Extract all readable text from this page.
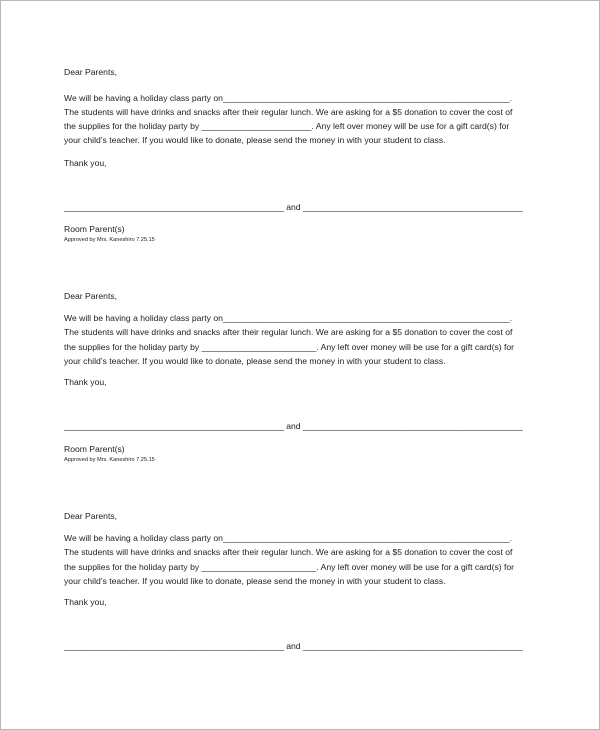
Dear Parents,
We will be having a holiday class party on____________________________________________________________.
The students will have drinks and snacks after their regular lunch. We are asking for a $5 donation to cover the cost of
the supplies for the holiday party by _______________________. Any left over money will be use for a gift card(s) for
your child’s teacher. If you would like to donate, please send the money in with your student to class.
Thank you,
______________________________________________ and ______________________________________________
Room Parent(s)
Approved by Mrs. Kaneshiro 7.25.15
Dear Parents,
We will be having a holiday class party on____________________________________________________________.
The students will have drinks and snacks after their regular lunch. We are asking for a $5 donation to cover the cost of
the supplies for the holiday party by ________________________. Any left over money will be use for a gift card(s) for
your child’s teacher. If you would like to donate, please send the money in with your student to class.
Thank you,
______________________________________________ and ______________________________________________
Room Parent(s)
Approved by Mrs. Kaneshiro 7.25.15
Dear Parents,
We will be having a holiday class party on____________________________________________________________.
The students will have drinks and snacks after their regular lunch. We are asking for a $5 donation to cover the cost of
the supplies for the holiday party by ________________________. Any left over money will be use for a gift card(s) for
your child’s teacher. If you would like to donate, please send the money in with your student to class.
Thank you,
______________________________________________ and ______________________________________________
